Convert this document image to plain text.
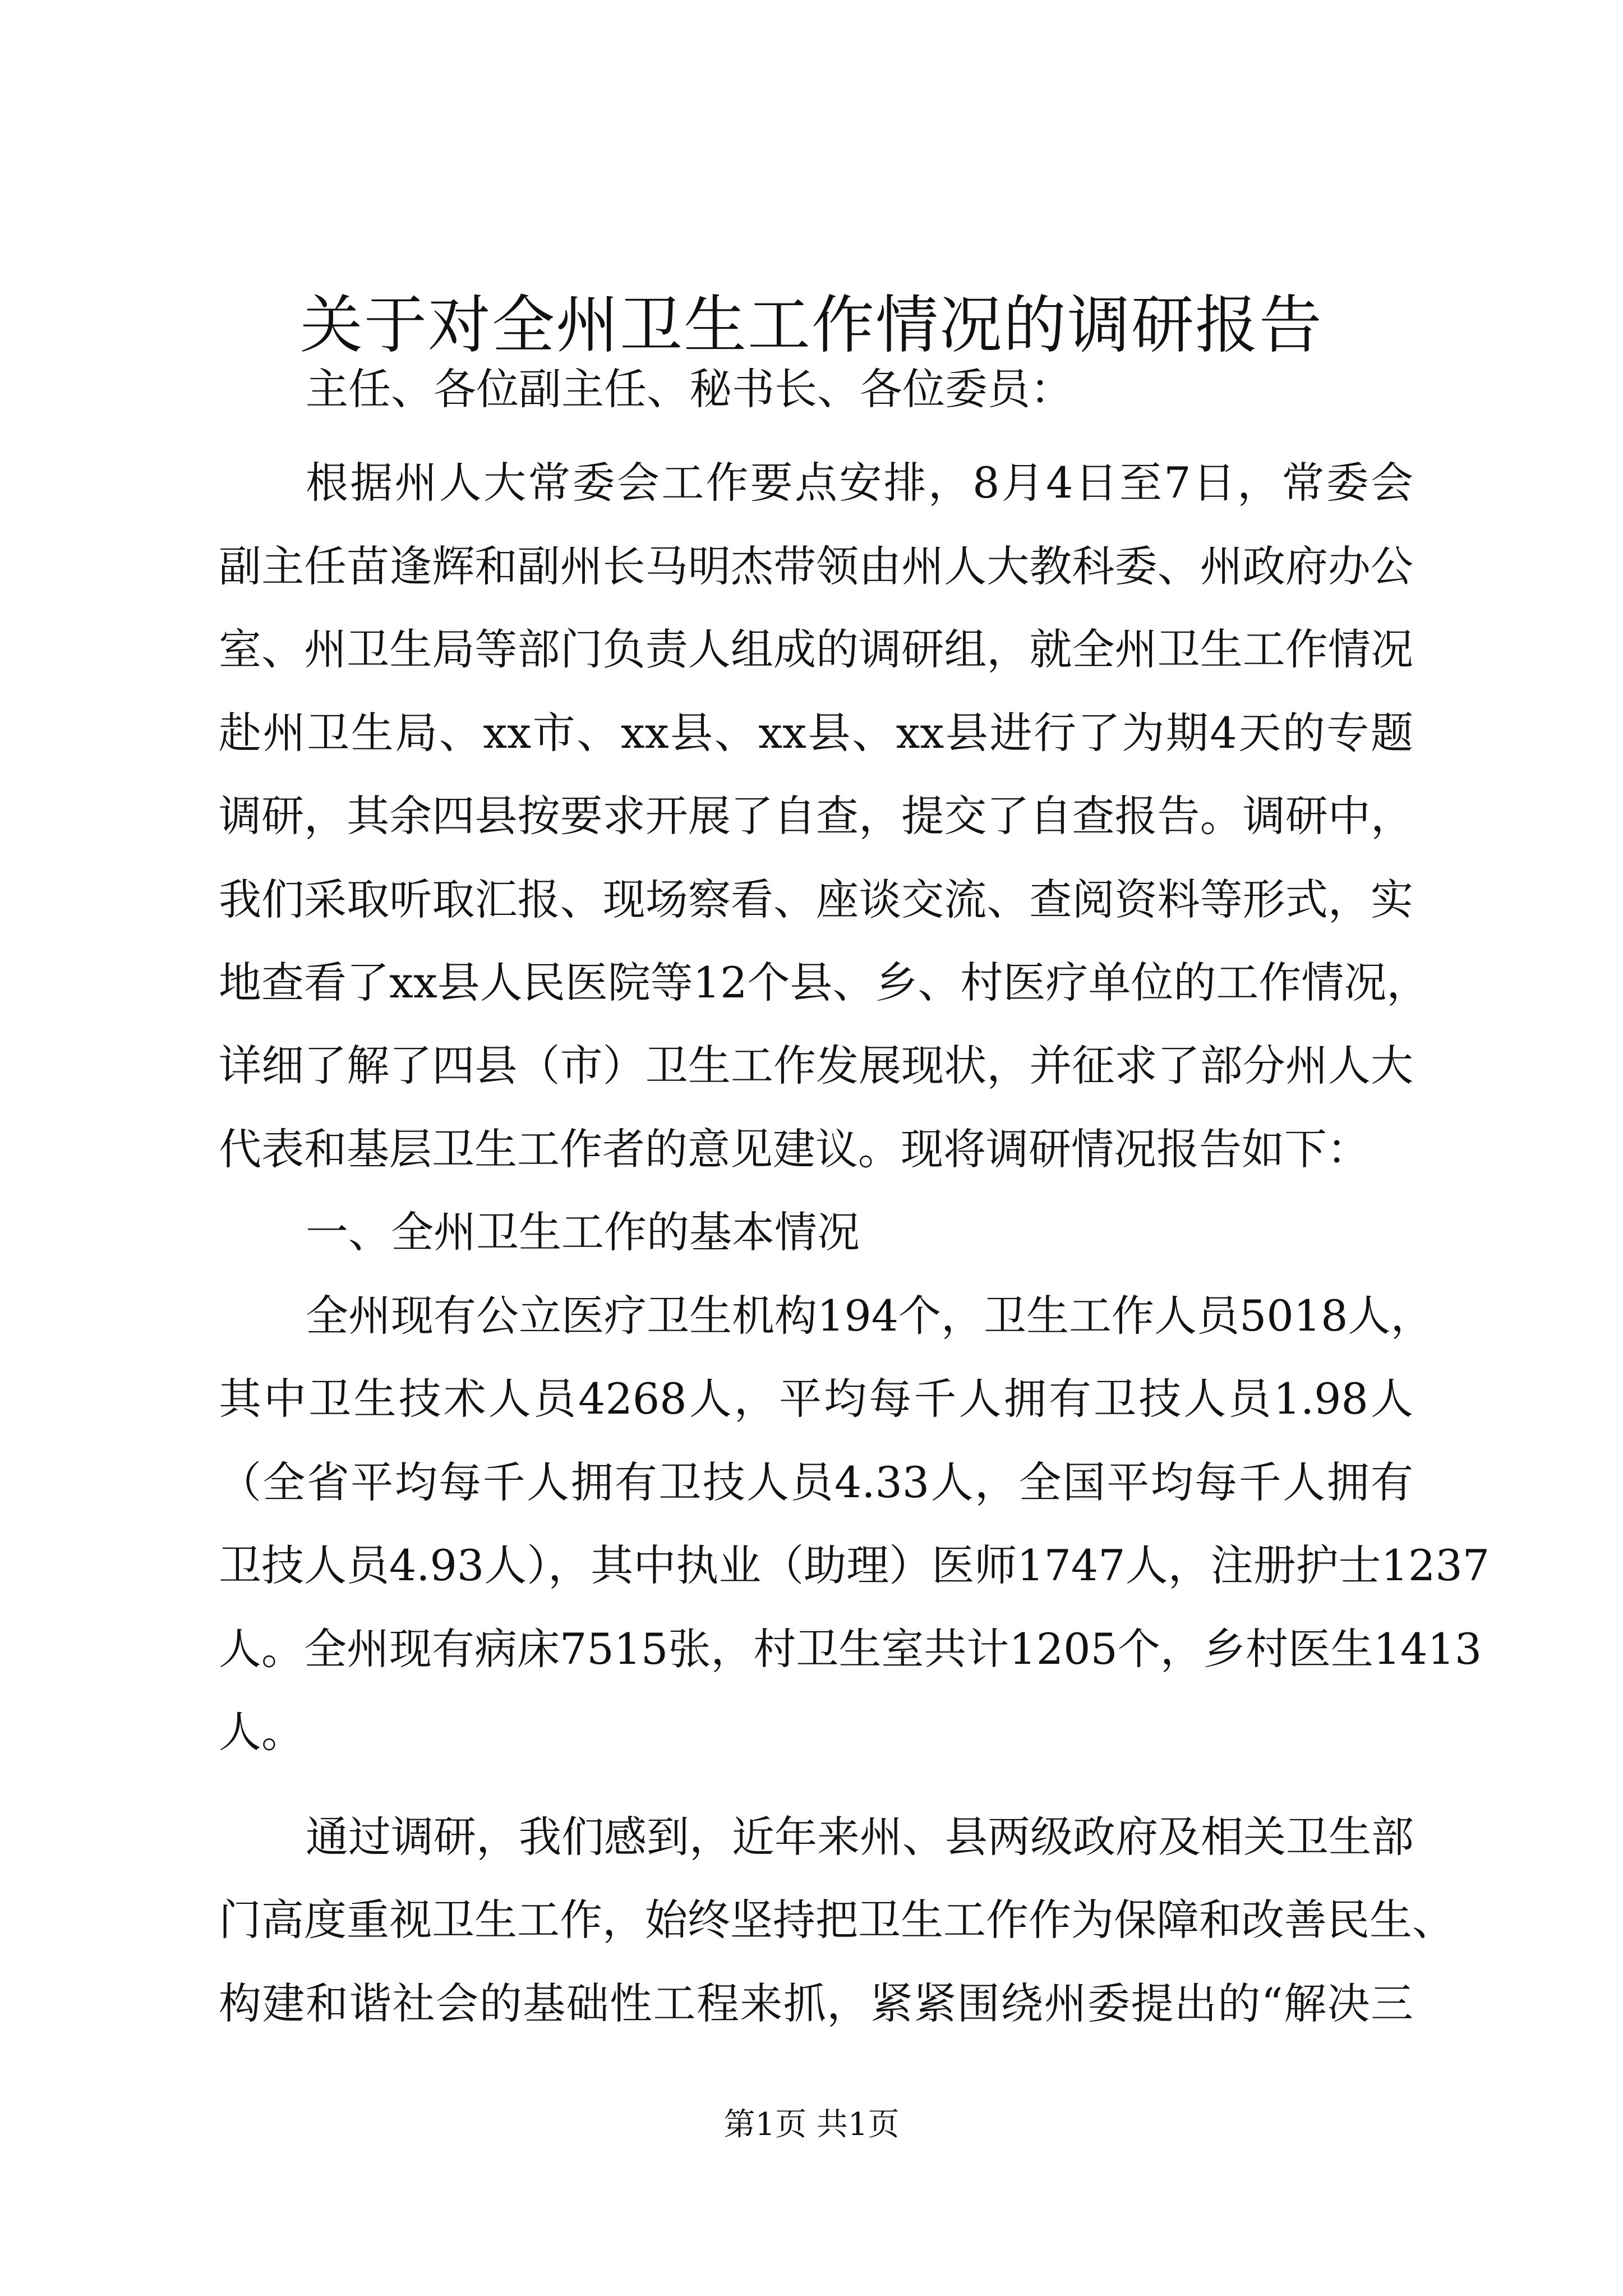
关于对全州卫生工作情况的调研报告
主任、各位副主任、秘书长、各位委员：
根据州人大常委会工作要点安排，8月4日至7日，常委会
副主任苗逢辉和副州长马明杰带领由州人大教科委、州政府办公
室、州卫生局等部门负责人组成的调研组，就全州卫生工作情况
赴州卫生局、xx市、xx县、xx县、xx县进行了为期4天的专题
调研，其余四县按要求开展了自查，提交了自查报告。调研中，
我们采取听取汇报、现场察看、座谈交流、查阅资料等形式，实
地查看了xx县人民医院等12个县、乡、村医疗单位的工作情况，
详细了解了四县（市）卫生工作发展现状，并征求了部分州人大
代表和基层卫生工作者的意见建议。现将调研情况报告如下：
一、全州卫生工作的基本情况
全州现有公立医疗卫生机构194个，卫生工作人员5018人，
其中卫生技术人员4268人，平均每千人拥有卫技人员1.98人
（全省平均每千人拥有卫技人员4.33人，全国平均每千人拥有
卫技人员4.93人），其中执业（助理）医师1747人，注册护士1237
人。全州现有病床7515张，村卫生室共计1205个，乡村医生1413
人。
通过调研，我们感到，近年来州、县两级政府及相关卫生部
门高度重视卫生工作，始终坚持把卫生工作作为保障和改善民生、
构建和谐社会的基础性工程来抓，紧紧围绕州委提出的“解决三
第1页 共1页
